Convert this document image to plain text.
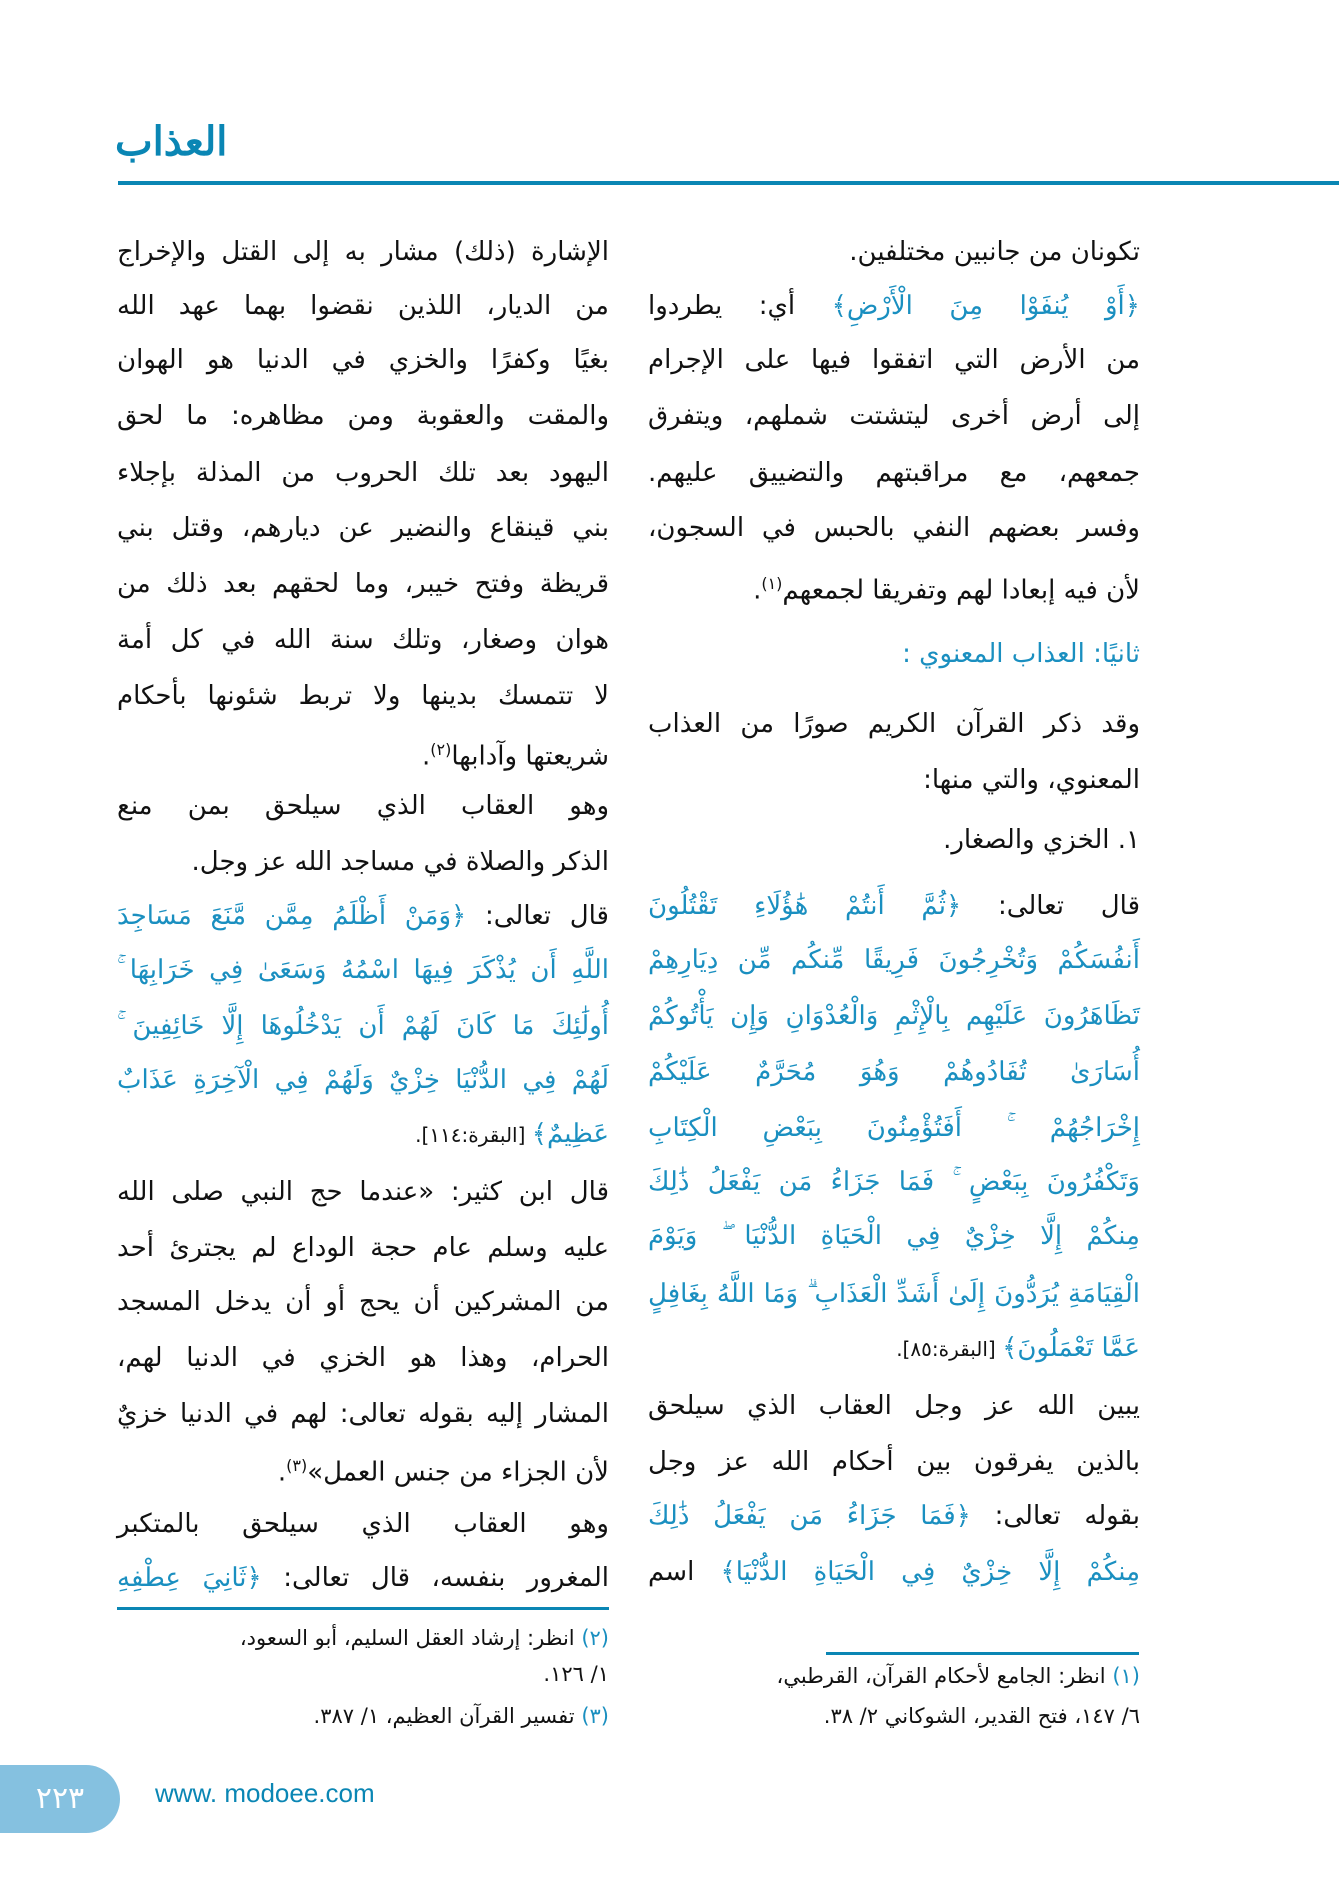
العذاب
تكونان من جانبين مختلفين.
﴿أَوْ يُنفَوْا مِنَ الْأَرْضِ﴾ أي: يطردوا
من الأرض التي اتفقوا فيها على الإجرام
إلى أرض أخرى ليتشتت شملهم، ويتفرق
جمعهم، مع مراقبتهم والتضييق عليهم.
وفسر بعضهم النفي بالحبس في السجون،
لأن فيه إبعادا لهم وتفريقا لجمعهم$^{(١)}$.
ثانيًا: العذاب المعنوي :
وقد ذكر القرآن الكريم صورًا من العذاب
المعنوي، والتي منها:
١. الخزي والصغار.
قال تعالى: ﴿ثُمَّ أَنتُمْ هَٰؤُلَاءِ تَقْتُلُونَ
أَنفُسَكُمْ وَتُخْرِجُونَ فَرِيقًا مِّنكُم مِّن دِيَارِهِمْ
تَظَاهَرُونَ عَلَيْهِم بِالْإِثْمِ وَالْعُدْوَانِ وَإِن يَأْتُوكُمْ
أُسَارَىٰ تُفَادُوهُمْ وَهُوَ مُحَرَّمٌ عَلَيْكُمْ
إِخْرَاجُهُمْ ۚ أَفَتُؤْمِنُونَ بِبَعْضِ الْكِتَابِ
وَتَكْفُرُونَ بِبَعْضٍ ۚ فَمَا جَزَاءُ مَن يَفْعَلُ ذَٰلِكَ
مِنكُمْ إِلَّا خِزْيٌ فِي الْحَيَاةِ الدُّنْيَا ۖ وَيَوْمَ
الْقِيَامَةِ يُرَدُّونَ إِلَىٰ أَشَدِّ الْعَذَابِ ۗ وَمَا اللَّهُ بِغَافِلٍ
عَمَّا تَعْمَلُونَ﴾ [البقرة:٨٥].
يبين الله عز وجل العقاب الذي سيلحق
بالذين يفرقون بين أحكام الله عز وجل
بقوله تعالى: ﴿فَمَا جَزَاءُ مَن يَفْعَلُ ذَٰلِكَ
مِنكُمْ إِلَّا خِزْيٌ فِي الْحَيَاةِ الدُّنْيَا﴾ اسم
الإشارة (ذلك) مشار به إلى القتل والإخراج
من الديار، اللذين نقضوا بهما عهد الله
بغيًا وكفرًا والخزي في الدنيا هو الهوان
والمقت والعقوبة ومن مظاهره: ما لحق
اليهود بعد تلك الحروب من المذلة بإجلاء
بني قينقاع والنضير عن ديارهم، وقتل بني
قريظة وفتح خيبر، وما لحقهم بعد ذلك من
هوان وصغار، وتلك سنة الله في كل أمة
لا تتمسك بدينها ولا تربط شئونها بأحكام
شريعتها وآدابها$^{(٢)}$.
وهو العقاب الذي سيلحق بمن منع
الذكر والصلاة في مساجد الله عز وجل.
قال تعالى: ﴿وَمَنْ أَظْلَمُ مِمَّن مَّنَعَ مَسَاجِدَ
اللَّهِ أَن يُذْكَرَ فِيهَا اسْمُهُ وَسَعَىٰ فِي خَرَابِهَا ۚ
أُولَٰئِكَ مَا كَانَ لَهُمْ أَن يَدْخُلُوهَا إِلَّا خَائِفِينَ ۚ
لَهُمْ فِي الدُّنْيَا خِزْيٌ وَلَهُمْ فِي الْآخِرَةِ عَذَابٌ
عَظِيمٌ﴾ [البقرة:١١٤].
قال ابن كثير: «عندما حج النبي صلى الله
عليه وسلم عام حجة الوداع لم يجترئ أحد
من المشركين أن يحج أو أن يدخل المسجد
الحرام، وهذا هو الخزي في الدنيا لهم،
المشار إليه بقوله تعالى: لهم في الدنيا خزيٌ
لأن الجزاء من جنس العمل»$^{(٣)}$.
وهو العقاب الذي سيلحق بالمتكبر
المغرور بنفسه، قال تعالى: ﴿ثَانِيَ عِطْفِهِ
(١) انظر: الجامع لأحكام القرآن، القرطبي،
٦/ ١٤٧، فتح القدير، الشوكاني ٢/ ٣٨.
(٢) انظر: إرشاد العقل السليم، أبو السعود،
١/ ١٢٦.
(٣) تفسير القرآن العظيم، ١/ ٣٨٧.
٢٢٣	www. modoee.com
